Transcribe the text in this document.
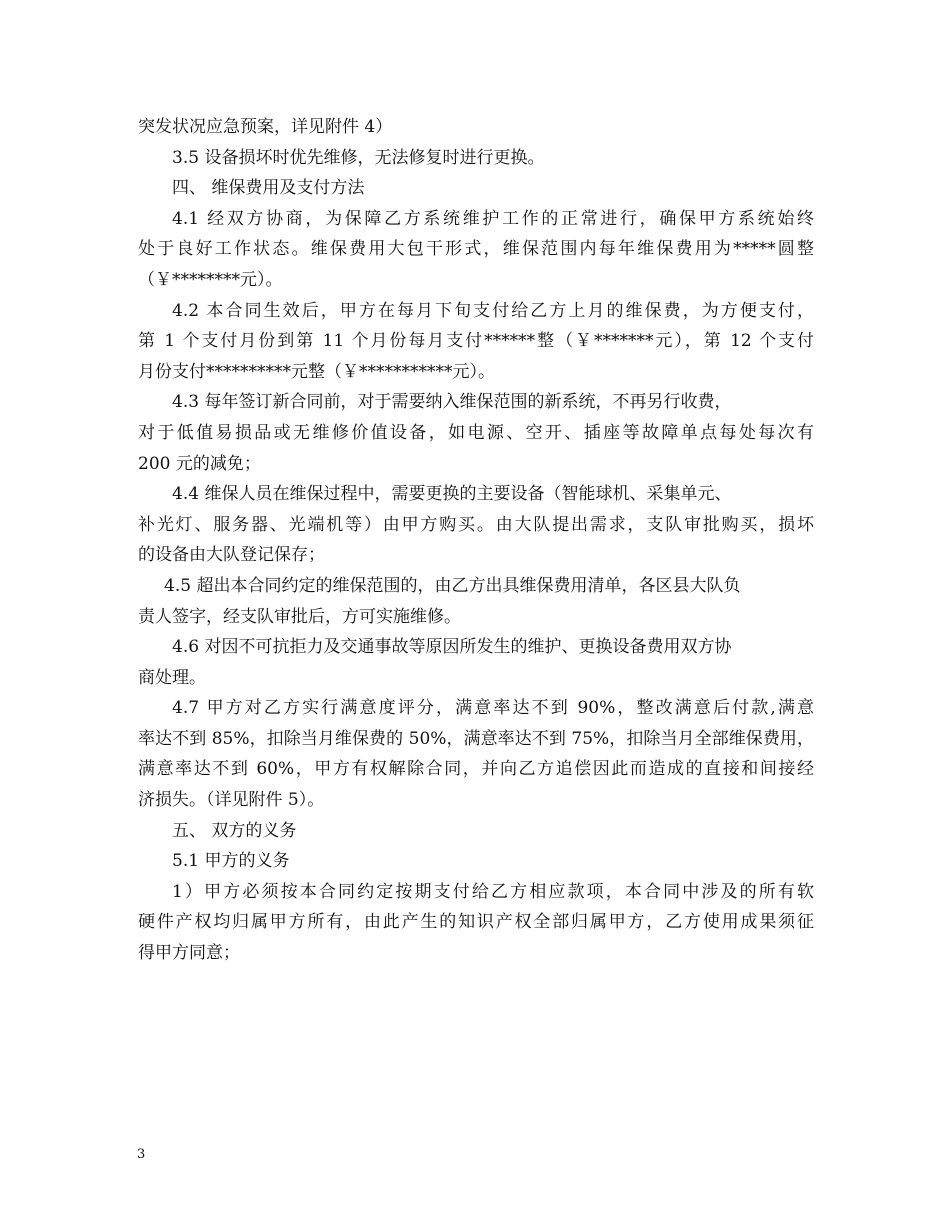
突发状况应急预案，详见附件 4）
3.5 设备损坏时优先维修，无法修复时进行更换。
四、 维保费用及支付方法
4.1 经双方协商，为保障乙方系统维护工作的正常进行，确保甲方系统始终
处于良好工作状态。维保费用大包干形式，维保范围内每年维保费用为*****圆整
（￥********元）。
4.2 本合同生效后，甲方在每月下旬支付给乙方上月的维保费，为方便支付，
第 1 个支付月份到第 11 个月份每月支付******整（￥*******元），第 12 个支付
月份支付**********元整（￥***********元）。
4.3 每年签订新合同前，对于需要纳入维保范围的新系统，不再另行收费，
对于低值易损品或无维修价值设备，如电源、空开、插座等故障单点每处每次有
200 元的减免；
4.4 维保人员在维保过程中，需要更换的主要设备（智能球机、采集单元、
补光灯、服务器、光端机等）由甲方购买。由大队提出需求，支队审批购买，损坏
的设备由大队登记保存；
4.5 超出本合同约定的维保范围的，由乙方出具维保费用清单，各区县大队负
责人签字，经支队审批后，方可实施维修。
4.6 对因不可抗拒力及交通事故等原因所发生的维护、更换设备费用双方协
商处理。
4.7 甲方对乙方实行满意度评分，满意率达不到 90%，整改满意后付款,满意
率达不到 85%，扣除当月维保费的 50%，满意率达不到 75%，扣除当月全部维保费用，
满意率达不到 60%，甲方有权解除合同，并向乙方追偿因此而造成的直接和间接经
济损失。（详见附件 5）。
五、 双方的义务
5.1 甲方的义务
1）甲方必须按本合同约定按期支付给乙方相应款项，本合同中涉及的所有软
硬件产权均归属甲方所有，由此产生的知识产权全部归属甲方，乙方使用成果须征
得甲方同意；
3
